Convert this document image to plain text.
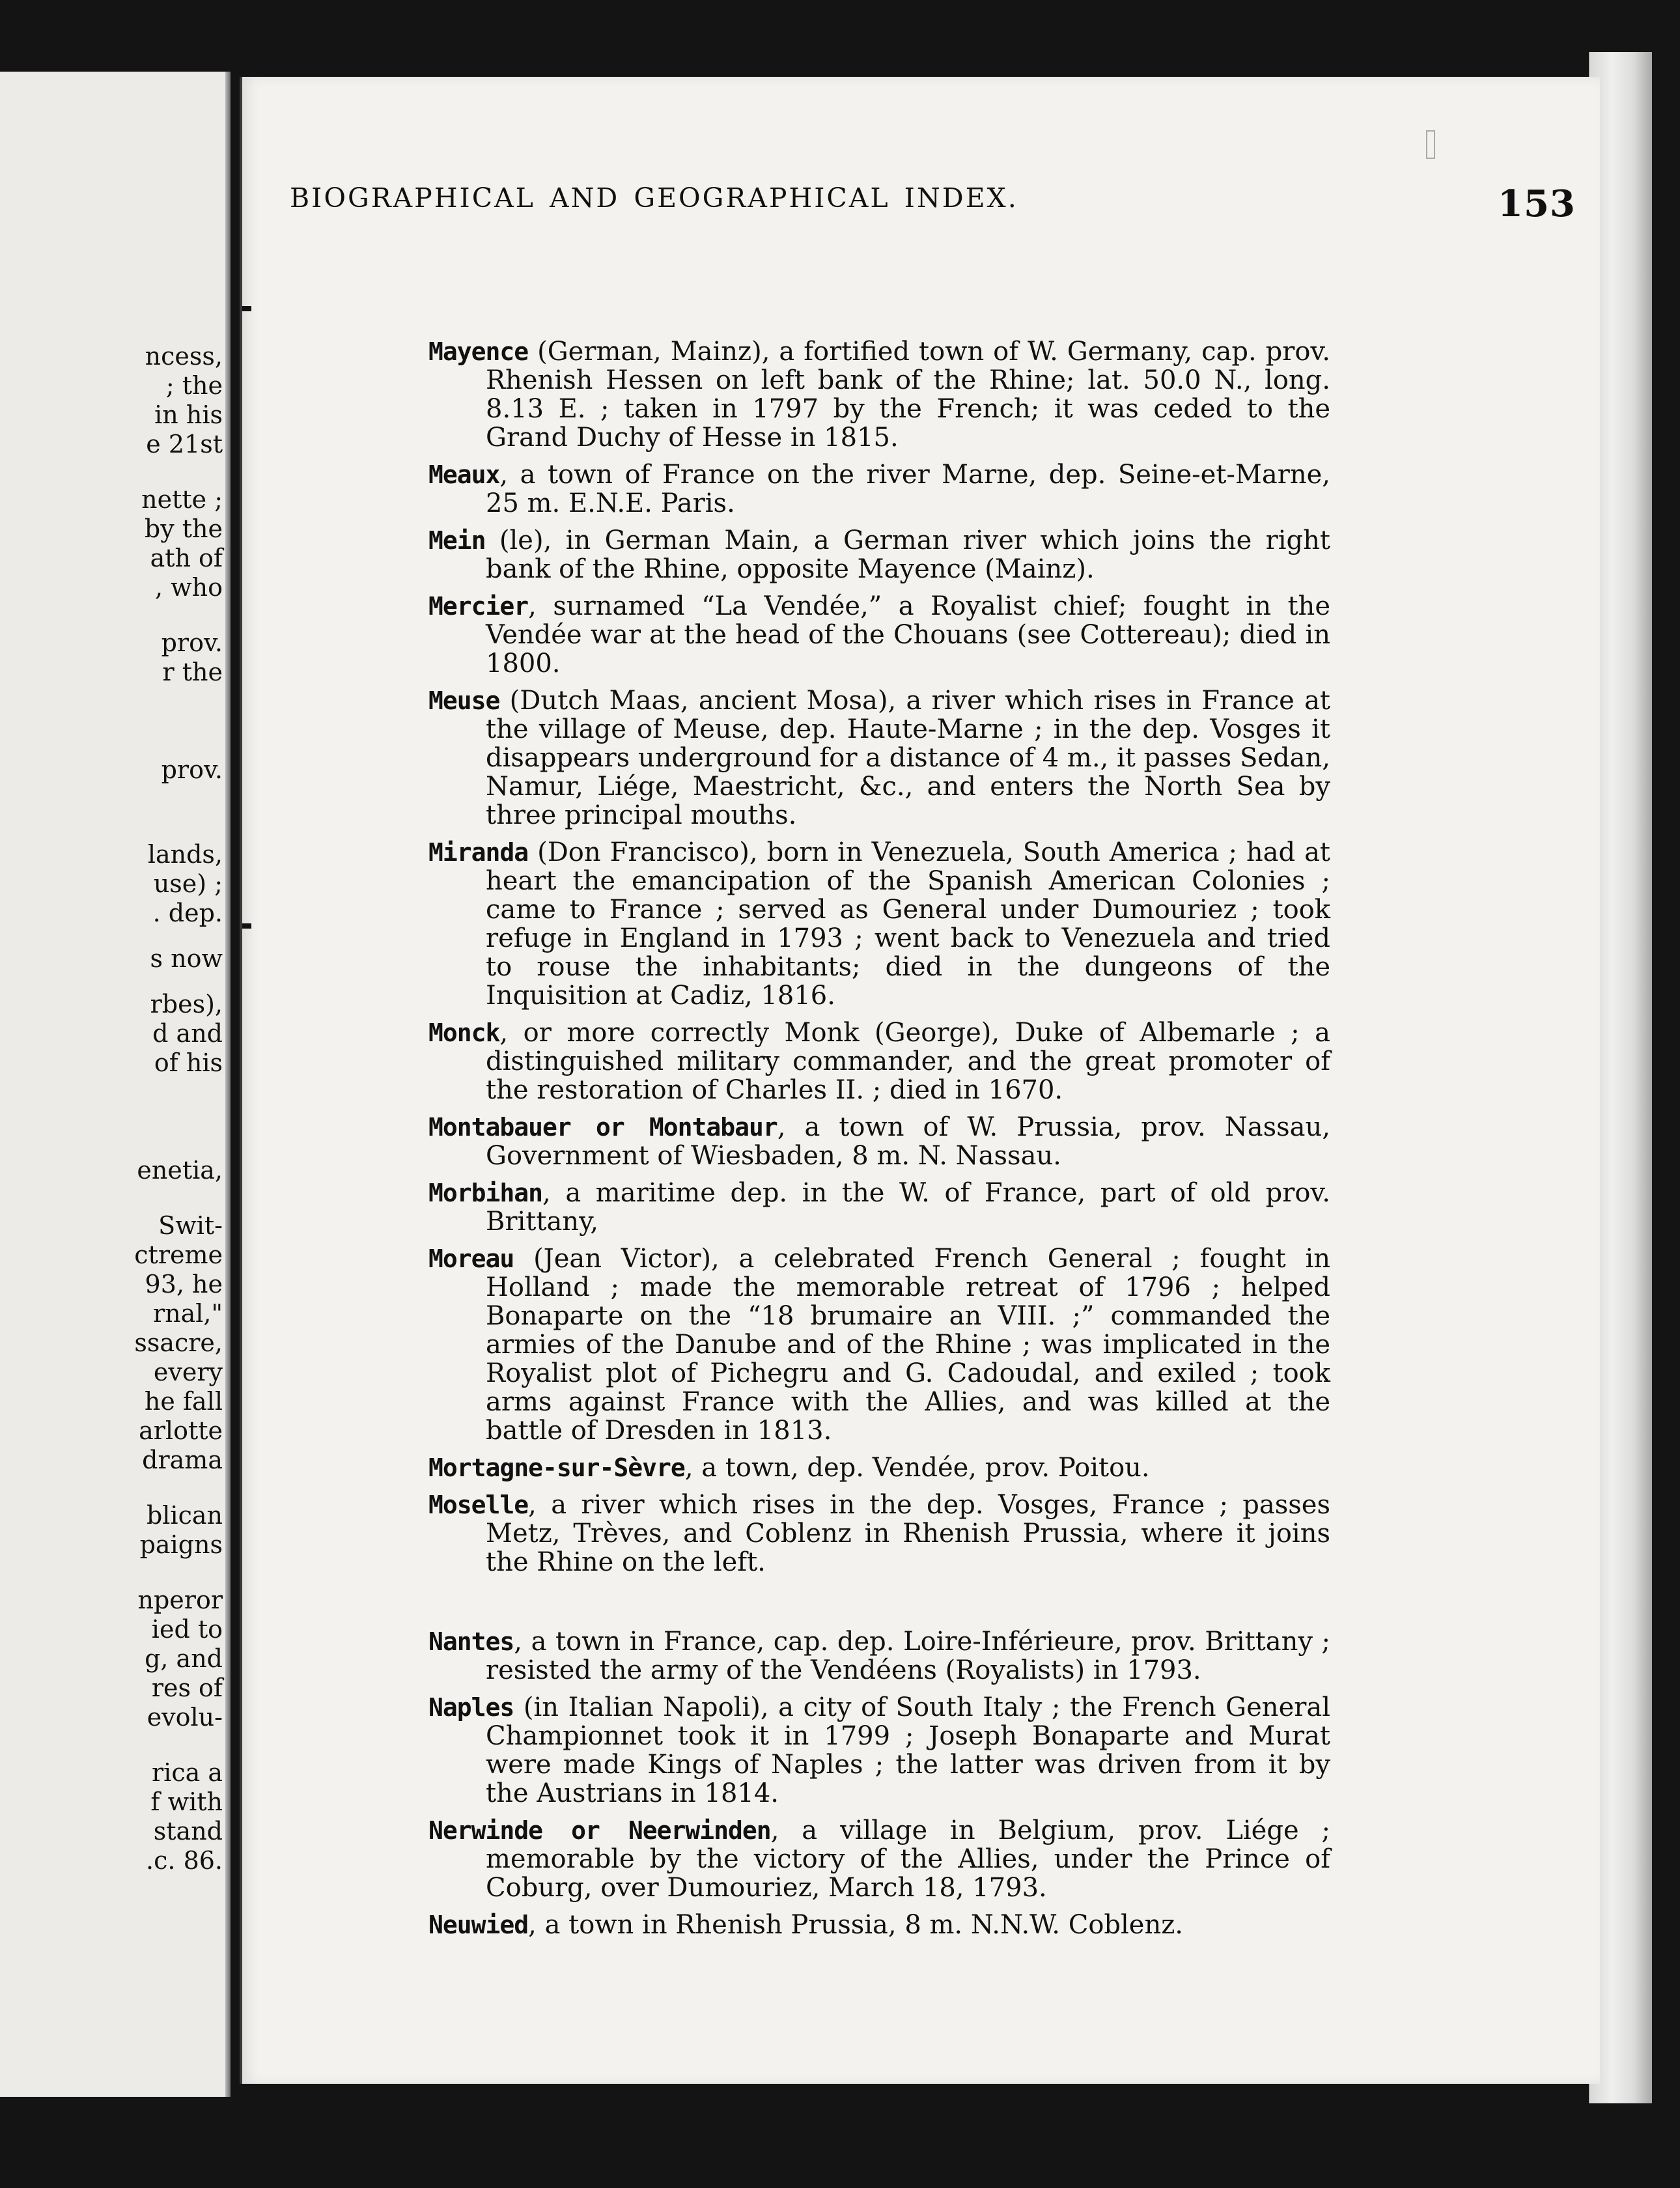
ncess,
; the
in his
e 21st
nette ;
by the
ath of
, who
prov.
r the
prov.
lands,
use) ;
. dep.
s now
rbes),
d and
of his
enetia,
Swit-
ctreme
93, he
rnal,"
ssacre,
every
he fall
arlotte
drama
blican
paigns
nperor
ied to
g, and
res of
evolu-
rica a
f with
stand
.c. 86.
BIOGRAPHICAL AND GEOGRAPHICAL INDEX.	153

Mayence (German, Mainz), a fortified town of W. Germany, cap. prov. Rhenish Hessen on left bank of the Rhine; lat. 50.0 N., long. 8.13 E. ; taken in 1797 by the French; it was ceded to the Grand Duchy of Hesse in 1815.

Meaux, a town of France on the river Marne, dep. Seine-et-Marne, 25 m. E.N.E. Paris.

Mein (le), in German Main, a German river which joins the right bank of the Rhine, opposite Mayence (Mainz).

Mercier, surnamed “La Vendée,” a Royalist chief; fought in the Vendée war at the head of the Chouans (see Cottereau); died in 1800.

Meuse (Dutch Maas, ancient Mosa), a river which rises in France at the village of Meuse, dep. Haute-Marne ; in the dep. Vosges it disappears underground for a distance of 4 m., it passes Sedan, Namur, Liége, Maestricht, &c., and enters the North Sea by three principal mouths.

Miranda (Don Francisco), born in Venezuela, South America ; had at heart the emancipation of the Spanish American Colonies ; came to France ; served as General under Dumouriez ; took refuge in England in 1793 ; went back to Venezuela and tried to rouse the inhabitants; died in the dungeons of the Inquisition at Cadiz, 1816.

Monck, or more correctly Monk (George), Duke of Albemarle ; a distinguished military commander, and the great promoter of the restoration of Charles II. ; died in 1670.

Montabauer or Montabaur, a town of W. Prussia, prov. Nassau, Government of Wiesbaden, 8 m. N. Nassau.

Morbihan, a maritime dep. in the W. of France, part of old prov. Brittany,

Moreau (Jean Victor), a celebrated French General ; fought in Holland ; made the memorable retreat of 1796 ; helped Bonaparte on the “18 brumaire an VIII. ;” commanded the armies of the Danube and of the Rhine ; was implicated in the Royalist plot of Pichegru and G. Cadoudal, and exiled ; took arms against France with the Allies, and was killed at the battle of Dresden in 1813.

Mortagne-sur-Sèvre, a town, dep. Vendée, prov. Poitou.

Moselle, a river which rises in the dep. Vosges, France ; passes Metz, Trèves, and Coblenz in Rhenish Prussia, where it joins the Rhine on the left.

Nantes, a town in France, cap. dep. Loire-Inférieure, prov. Brittany ; resisted the army of the Vendéens (Royalists) in 1793.

Naples (in Italian Napoli), a city of South Italy ; the French General Championnet took it in 1799 ; Joseph Bonaparte and Murat were made Kings of Naples ; the latter was driven from it by the Austrians in 1814.

Nerwinde or Neerwinden, a village in Belgium, prov. Liége ; memorable by the victory of the Allies, under the Prince of Coburg, over Dumouriez, March 18, 1793.

Neuwied, a town in Rhenish Prussia, 8 m. N.N.W. Coblenz.
